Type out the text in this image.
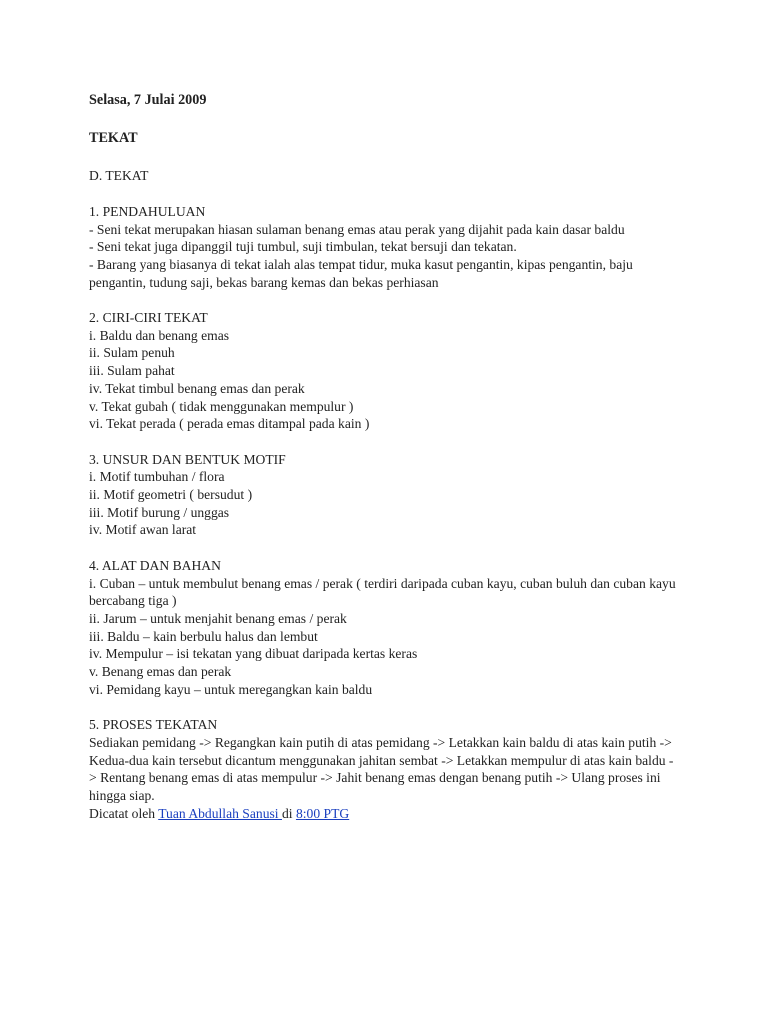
Selasa, 7 Julai 2009
TEKAT
D. TEKAT
1. PENDAHULUAN
- Seni tekat merupakan hiasan sulaman benang emas atau perak yang dijahit pada kain dasar baldu
- Seni tekat juga dipanggil tuji tumbul, suji timbulan, tekat bersuji dan tekatan.
- Barang yang biasanya di tekat ialah alas tempat tidur, muka kasut pengantin, kipas pengantin, baju pengantin, tudung saji, bekas barang kemas dan bekas perhiasan
2. CIRI-CIRI TEKAT
i. Baldu dan benang emas
ii. Sulam penuh
iii. Sulam pahat
iv. Tekat timbul benang emas dan perak
v. Tekat gubah ( tidak menggunakan mempulur )
vi. Tekat perada ( perada emas ditampal pada kain )
3. UNSUR DAN BENTUK MOTIF
i. Motif tumbuhan / flora
ii. Motif geometri ( bersudut )
iii. Motif burung / unggas
iv. Motif awan larat
4. ALAT DAN BAHAN
i. Cuban – untuk membulut benang emas / perak ( terdiri daripada cuban kayu, cuban buluh dan cuban kayu bercabang tiga )
ii. Jarum – untuk menjahit benang emas / perak
iii. Baldu – kain berbulu halus dan lembut
iv. Mempulur – isi tekatan yang dibuat daripada kertas keras
v. Benang emas dan perak
vi. Pemidang kayu – untuk meregangkan kain baldu
5. PROSES TEKATAN
Sediakan pemidang -> Regangkan kain putih di atas pemidang -> Letakkan kain baldu di atas kain putih -> Kedua-dua kain tersebut dicantum menggunakan jahitan sembat -> Letakkan mempulur di atas kain baldu -> Rentang benang emas di atas mempulur -> Jahit benang emas dengan benang putih -> Ulang proses ini hingga siap.
Dicatat oleh Tuan Abdullah Sanusi di 8:00 PTG
